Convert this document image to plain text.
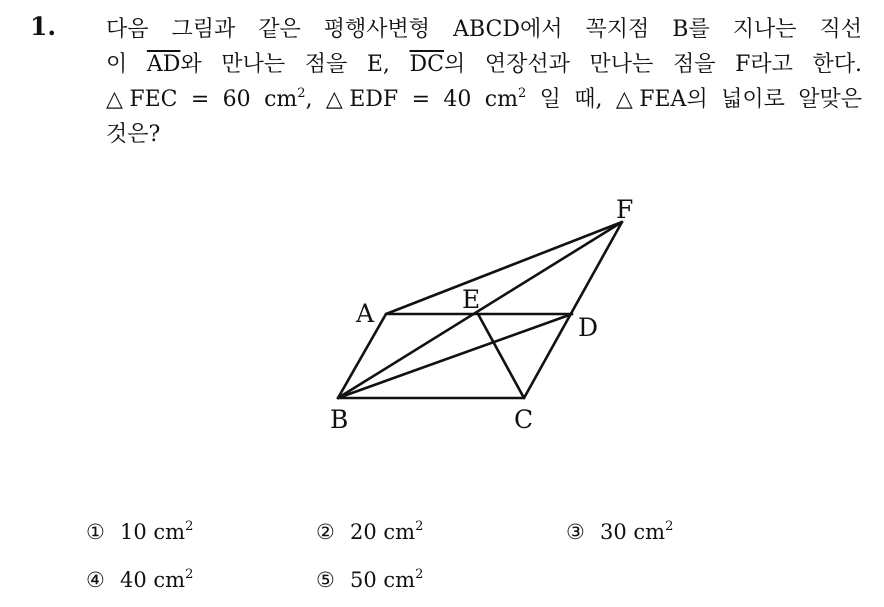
1. 다음 그림과 같은 평행사변형 ABCD에서 꼭지점 B를 지나는 직선
이 $\overline{AD}$와 만나는 점을 E, $\overline{DC}$의 연장선과 만나는 점을 F라고 한다.
△FEC = 60 $cm^2$, △EDF = 40 $cm^2$ 일 때, △FEA의 넓이로 알맞은
것은?
A
B	C
D
E
F
① 10 $cm^2$	② 20 $cm^2$	③ 30 $cm^2$
④ 40 $cm^2$	⑤ 50 $cm^2$
